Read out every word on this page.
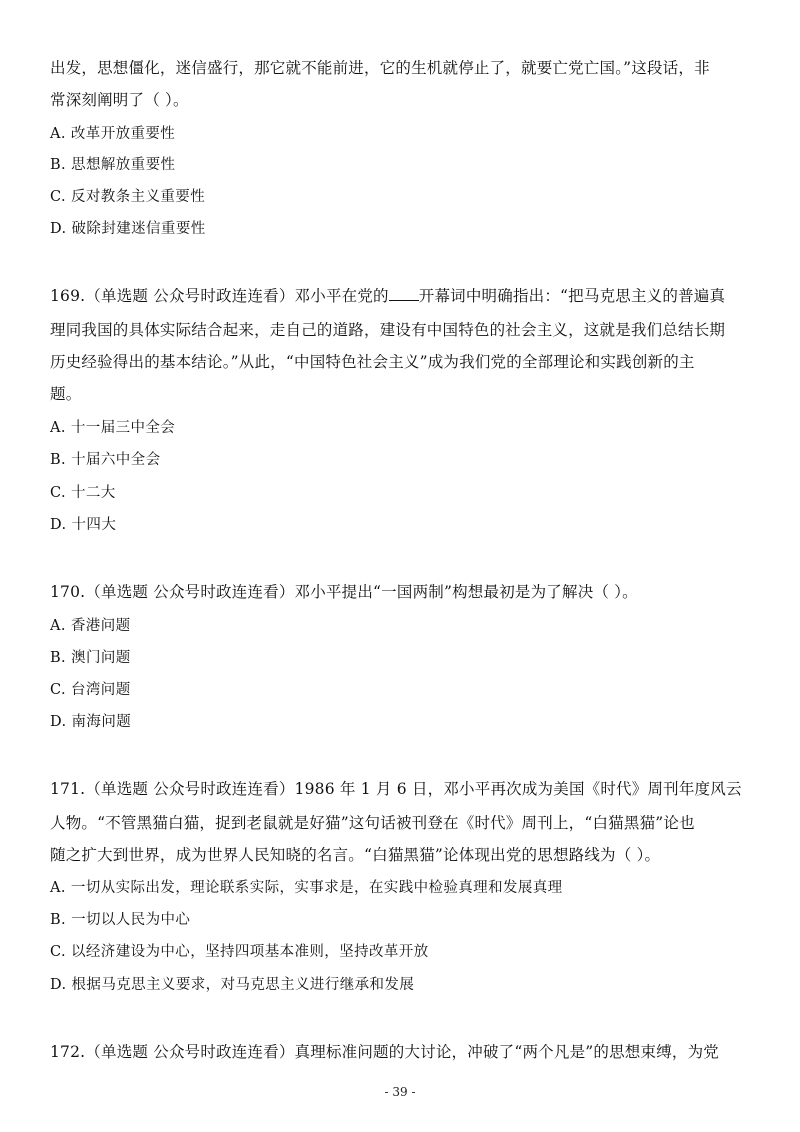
出发，思想僵化，迷信盛行，那它就不能前进，它的生机就停止了，就要亡党亡国。”这段话，非
常深刻阐明了（ ）。
A. 改革开放重要性
B. 思想解放重要性
C. 反对教条主义重要性
D. 破除封建迷信重要性
169.（单选题 公众号时政连连看）邓小平在党的 开幕词中明确指出：“把马克思主义的普遍真
理同我国的具体实际结合起来，走自己的道路，建设有中国特色的社会主义，这就是我们总结长期
历史经验得出的基本结论。”从此，“中国特色社会主义”成为我们党的全部理论和实践创新的主
题。
A. 十一届三中全会
B. 十届六中全会
C. 十二大
D. 十四大
170.（单选题 公众号时政连连看）邓小平提出“一国两制”构想最初是为了解决（ ）。
A. 香港问题
B. 澳门问题
C. 台湾问题
D. 南海问题
171.（单选题 公众号时政连连看）1986 年 1 月 6 日，邓小平再次成为美国《时代》周刊年度风云
人物。“不管黑猫白猫，捉到老鼠就是好猫”这句话被刊登在《时代》周刊上，“白猫黑猫”论也
随之扩大到世界，成为世界人民知晓的名言。“白猫黑猫”论体现出党的思想路线为（ ）。
A. 一切从实际出发，理论联系实际，实事求是，在实践中检验真理和发展真理
B. 一切以人民为中心
C. 以经济建设为中心，坚持四项基本准则，坚持改革开放
D. 根据马克思主义要求，对马克思主义进行继承和发展
172.（单选题 公众号时政连连看）真理标准问题的大讨论，冲破了“两个凡是”的思想束缚，为党
- 39 -
